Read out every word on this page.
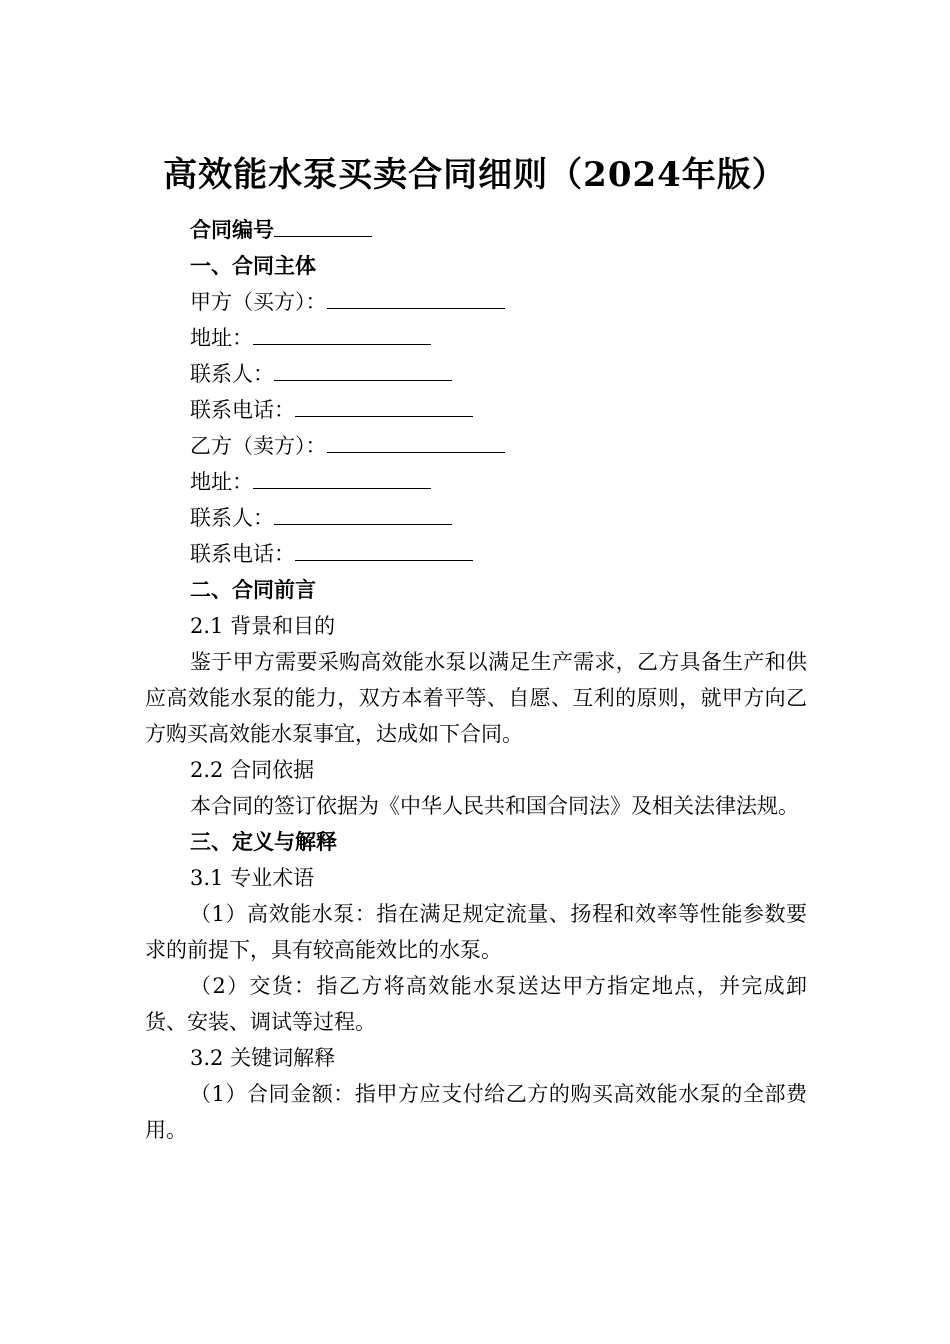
高效能水泵买卖合同细则（2024年版）
合同编号
一、合同主体
甲方（买方）：
地址：
联系人：
联系电话：
乙方（卖方）：
地址：
联系人：
联系电话：
二、合同前言
2.1 背景和目的
鉴于甲方需要采购高效能水泵以满足生产需求，乙方具备生产和供应高效能水泵的能力，双方本着平等、自愿、互利的原则，就甲方向乙方购买高效能水泵事宜，达成如下合同。
2.2 合同依据
本合同的签订依据为《中华人民共和国合同法》及相关法律法规。
三、定义与解释
3.1 专业术语
（1）高效能水泵：指在满足规定流量、扬程和效率等性能参数要求的前提下，具有较高能效比的水泵。
（2）交货：指乙方将高效能水泵送达甲方指定地点，并完成卸货、安装、调试等过程。
3.2 关键词解释
（1）合同金额：指甲方应支付给乙方的购买高效能水泵的全部费用。
